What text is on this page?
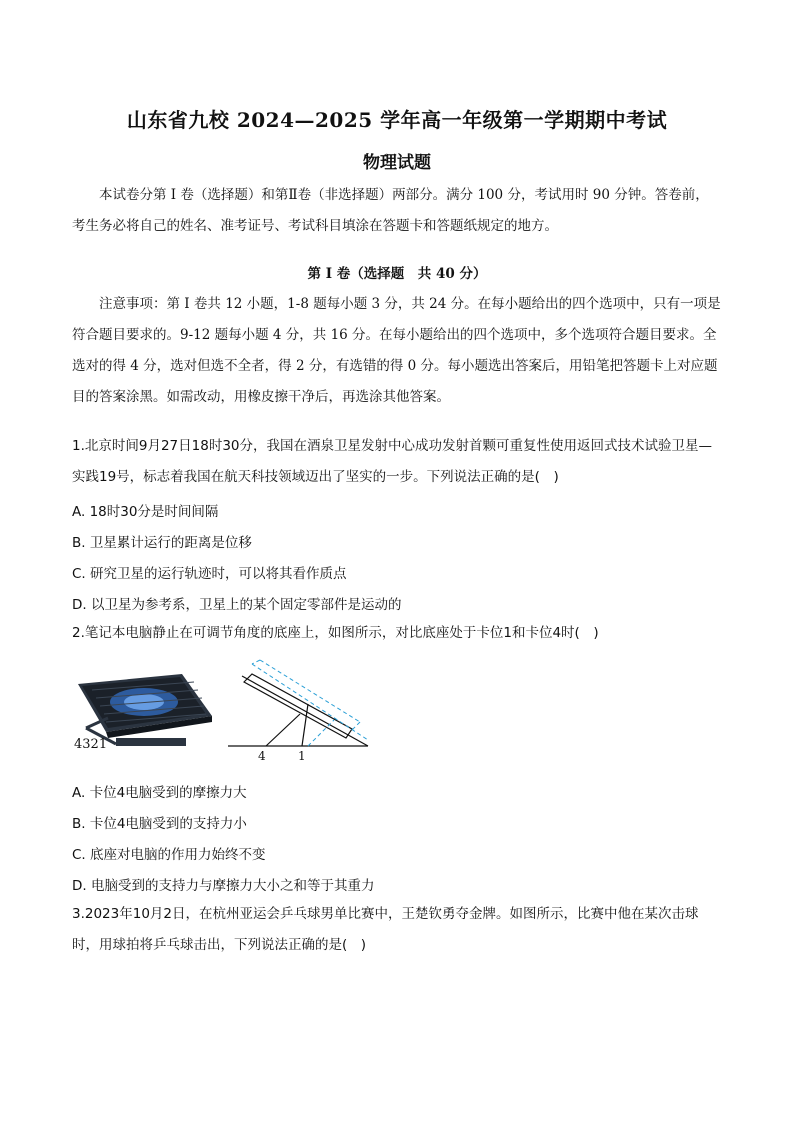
山东省九校 2024—2025 学年高一年级第一学期期中考试
物理试题
本试卷分第 I 卷（选择题）和第Ⅱ卷（非选择题）两部分。满分 100 分，考试用时 90 分钟。答卷前，考生务必将自己的姓名、准考证号、考试科目填涂在答题卡和答题纸规定的地方。
第 I 卷（选择题　共 40 分）
注意事项：第 I 卷共 12 小题，1-8 题每小题 3 分，共 24 分。在每小题给出的四个选项中，只有一项是符合题目要求的。9-12 题每小题 4 分，共 16 分。在每小题给出的四个选项中，多个选项符合题目要求。全选对的得 4 分，选对但选不全者，得 2 分，有选错的得 0 分。每小题选出答案后，用铅笔把答题卡上对应题目的答案涂黑。如需改动，用橡皮擦干净后，再选涂其他答案。
1.北京时间9月27日18时30分，我国在酒泉卫星发射中心成功发射首颗可重复性使用返回式技术试验卫星—实践19号，标志着我国在航天科技领域迈出了坚实的一步。下列说法正确的是(　)
A. 18时30分是时间间隔
B. 卫星累计运行的距离是位移
C. 研究卫星的运行轨迹时，可以将其看作质点
D. 以卫星为参考系，卫星上的某个固定零部件是运动的
2.笔记本电脑静止在可调节角度的底座上，如图所示，对比底座处于卡位1和卡位4时(　)
4321
4	1
A. 卡位4电脑受到的摩擦力大
B. 卡位4电脑受到的支持力小
C. 底座对电脑的作用力始终不变
D. 电脑受到的支持力与摩擦力大小之和等于其重力
3.2023年10月2日，在杭州亚运会乒乓球男单比赛中，王楚钦勇夺金牌。如图所示，比赛中他在某次击球时，用球拍将乒乓球击出，下列说法正确的是(　)
